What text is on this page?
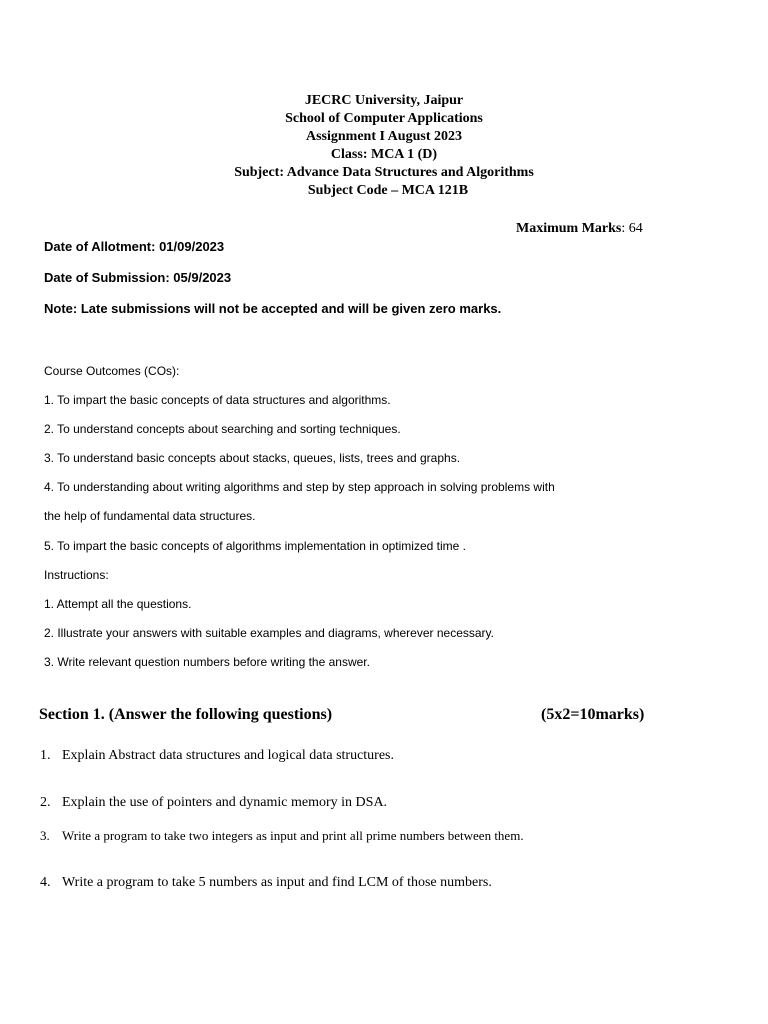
JECRC University, Jaipur
School of Computer Applications
Assignment I August 2023
Class: MCA 1 (D)
Subject: Advance Data Structures and Algorithms
Subject Code – MCA 121B
Maximum Marks: 64
Date of Allotment: 01/09/2023
Date of Submission: 05/9/2023
Note: Late submissions will not be accepted and will be given zero marks.
Course Outcomes (COs):
1. To impart the basic concepts of data structures and algorithms.
2. To understand concepts about searching and sorting techniques.
3. To understand basic concepts about stacks, queues, lists, trees and graphs.
4. To understanding about writing algorithms and step by step approach in solving problems with
the help of fundamental data structures.
5. To impart the basic concepts of algorithms implementation in optimized time .
Instructions:
1. Attempt all the questions.
2. Illustrate your answers with suitable examples and diagrams, wherever necessary.
3. Write relevant question numbers before writing the answer.
Section 1. (Answer the following questions)	(5x2=10marks)
1. Explain Abstract data structures and logical data structures.
2. Explain the use of pointers and dynamic memory in DSA.
3. Write a program to take two integers as input and print all prime numbers between them.
4. Write a program to take 5 numbers as input and find LCM of those numbers.
